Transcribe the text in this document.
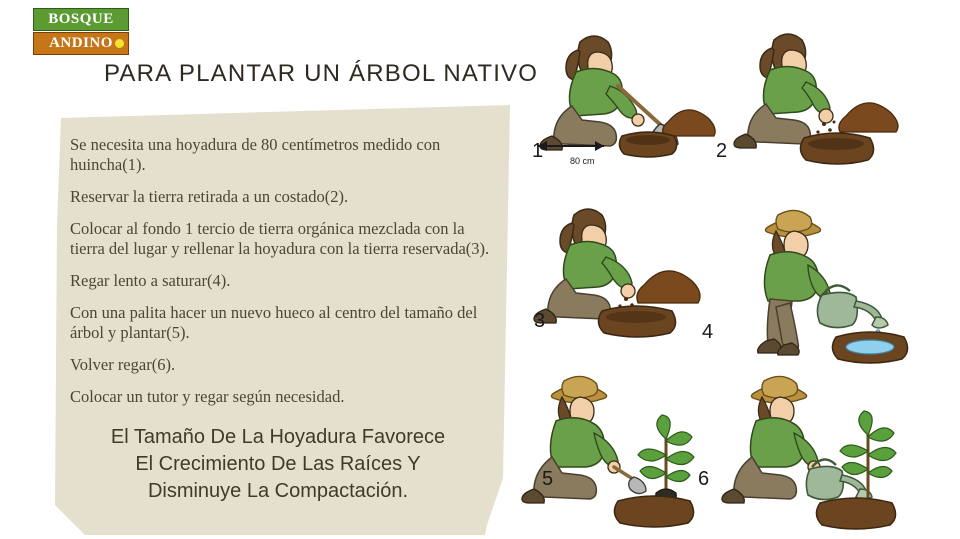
BOSQUE
ANDINO
PARA PLANTAR UN ÁRBOL NATIVO

Se necesita una hoyadura de 80 centímetros medido con huincha(1).

Reservar la tierra retirada a un costado(2).

Colocar al fondo 1 tercio de tierra orgánica mezclada con la tierra del lugar y rellenar la hoyadura con la tierra reservada(3).

Regar lento a saturar(4).

Con una palita hacer un nuevo hueco al centro del tamaño del árbol y plantar(5).

Volver regar(6).

Colocar un tutor y regar según necesidad.

El Tamaño De La Hoyadura Favorece
El Crecimiento De Las Raíces Y
Disminuye La Compactación.
80 cm
1	2
3	4
5	6
